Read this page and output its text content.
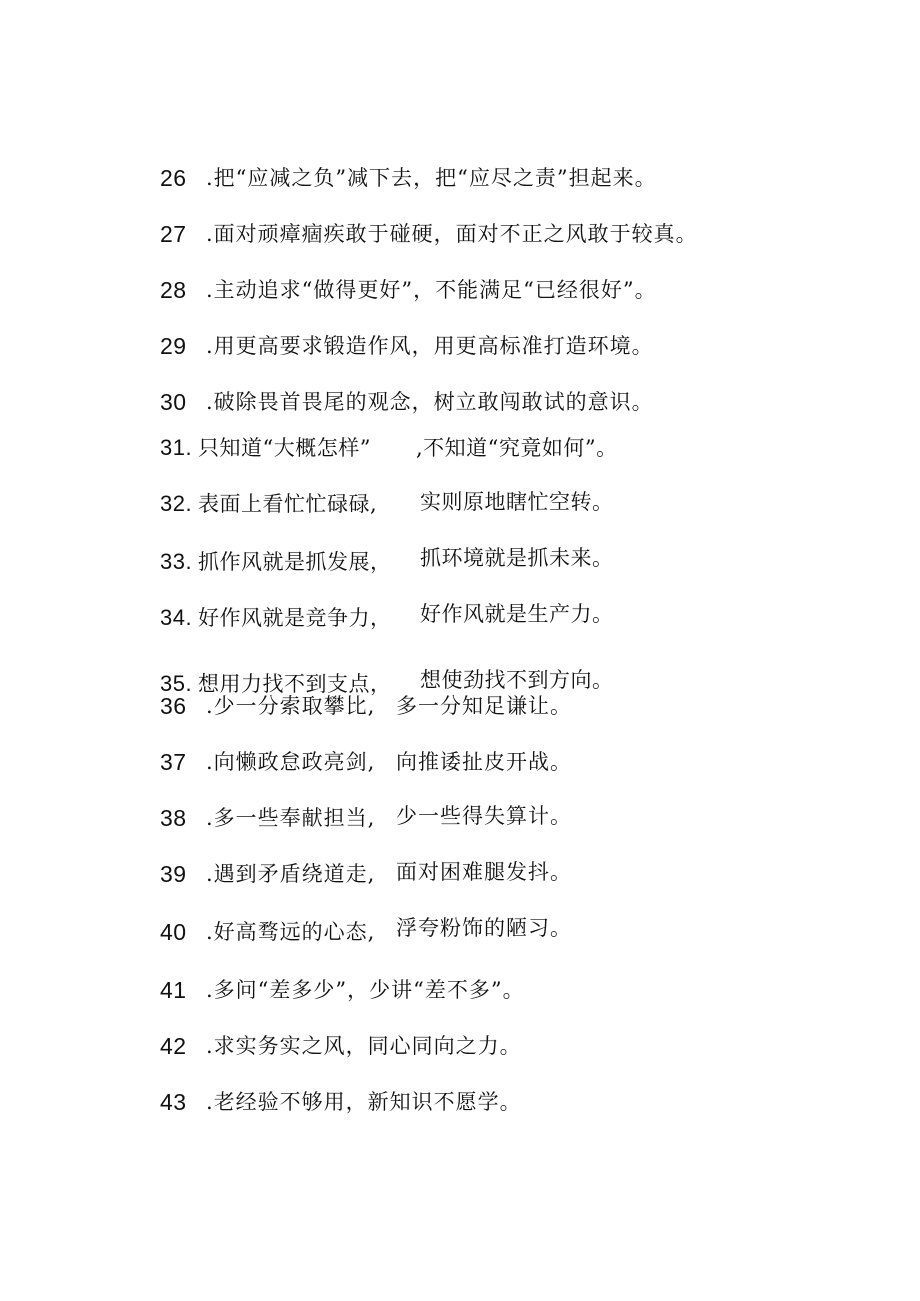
26 .把“应减之负”减下去，把“应尽之责”担起来。
27 .面对顽瘴痼疾敢于碰硬，面对不正之风敢于较真。
28 .主动追求“做得更好”，不能满足“已经很好”。
29 .用更高要求锻造作风，用更高标准打造环境。
30 .破除畏首畏尾的观念，树立敢闯敢试的意识。
31. 只知道“大概怎样” ,不知道“究竟如何”。
32. 表面上看忙忙碌碌, 实则原地瞎忙空转。
33. 抓作风就是抓发展， 抓环境就是抓未来。
34. 好作风就是竞争力， 好作风就是生产力。
35. 想用力找不到支点， 想使劲找不到方向。
36 .少一分索取攀比, 多一分知足谦让。
37 .向懒政怠政亮剑, 向推诿扯皮开战。
38 .多一些奉献担当, 少一些得失算计。
39 .遇到矛盾绕道走, 面对困难腿发抖。
40 .好高骛远的心态, 浮夸粉饰的陋习。
41 .多问“差多少”，少讲“差不多”。
42 .求实务实之风，同心同向之力。
43 .老经验不够用，新知识不愿学。
